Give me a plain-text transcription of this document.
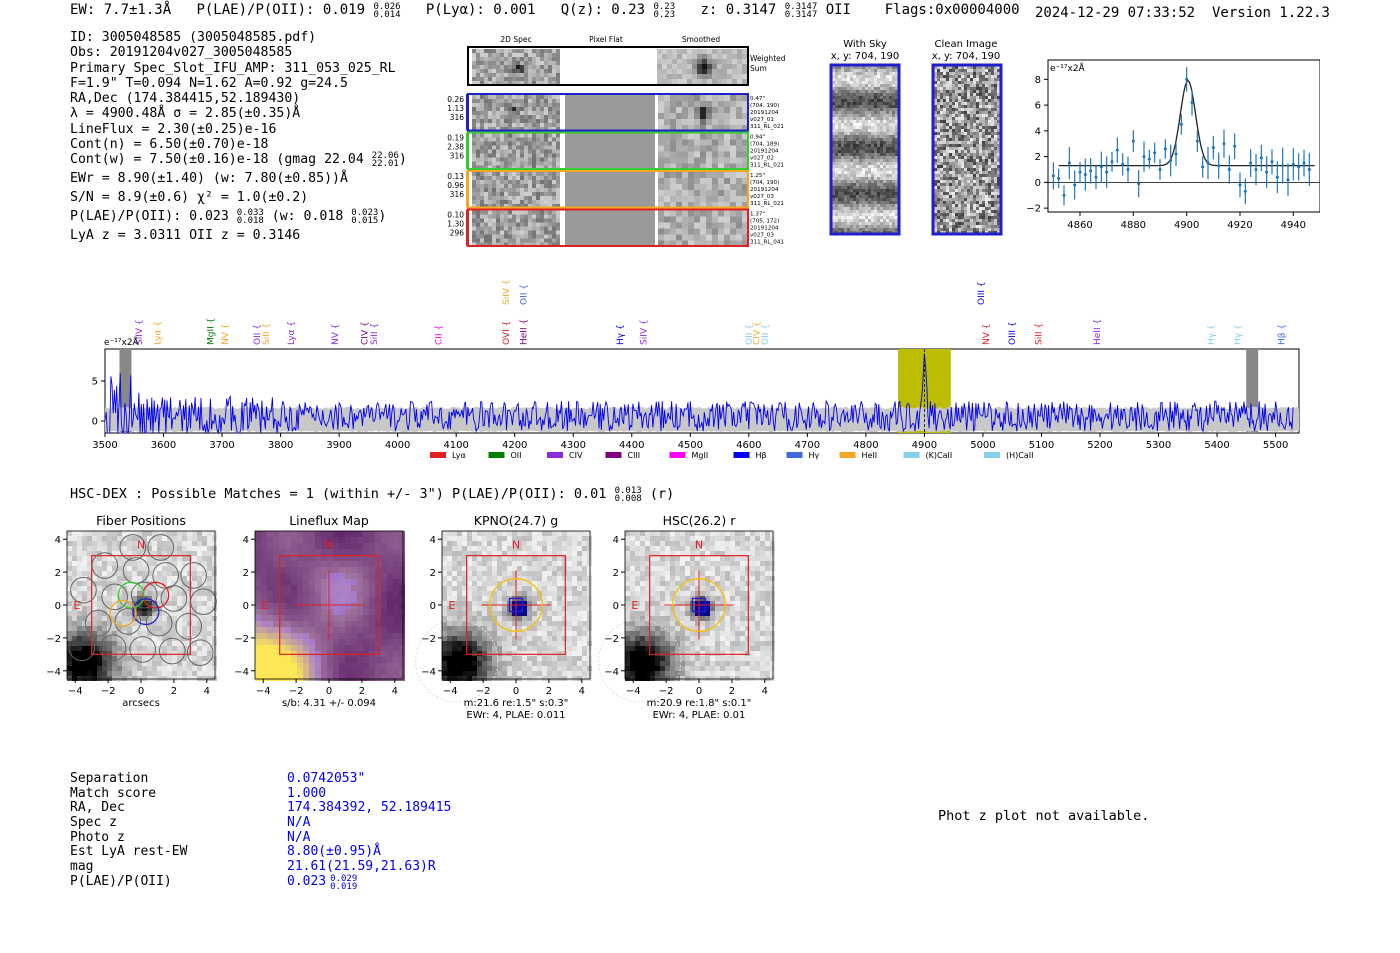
EW: 7.7±1.3Å P(LAE)/P(OII): 0.019 0.026
0.014 P(Lyα): 0.001 Q(z): 0.23 0.23
0.23 z: 0.3147 0.3147
0.3147 OII Flags:0x00004000 2024-12-29 07:33:52 Version 1.22.3
ID: 3005048585 (3005048585.pdf)
Obs: 20191204v027_3005048585
Primary Spec_Slot_IFU_AMP: 311_053_025_RL
F=1.9" T=0.094 N=1.62 A=0.92 g=24.5
RA,Dec (174.384415,52.189430)
λ = 4900.48Å σ = 2.85(±0.35)Å
LineFlux = 2.30(±0.25)e-16
Cont(n) = 6.50(±0.70)e-18
Cont(w) = 7.50(±0.16)e-18 (gmag 22.04 22.06
22.01)
EWr = 8.90(±1.40) (w: 7.80(±0.85))Å
S/N = 8.9(±0.6) χ² = 1.0(±0.2)
P(LAE)/P(OII): 0.023 0.033
0.018 (w: 0.018 0.023
0.015)
LyA z = 3.0311 OII z = 0.3146
2D Spec	Pixel Flat	Smoothed
Weighted
Sum
0.26
1.13
316
0.47"
(704, 190)
20191204
v027_01
311_RL_021
0.19
2.38
316
0.94"
(704, 189)
20191204
v027_02
311_RL_021
0.13
0.96
316
1.25"
(704, 190)
20191204
v027_03
311_RL_021
0.10
1.30
296
1.37"
(705, 172)
20191204
v027_03
311_RL_041
With Sky
x, y: 704, 190
Clean Image
x, y: 704, 190
e⁻¹⁷x2Å
4860	4880	4900	4920	4940
8
6
4
2
0
−2
SiIV { Lyα {	MgII { NV { OII {
SiII { Lyα {	NV { CIV { SiII {	CII {	OVI { HeII {	Hγ { SiIV {	OII {
CIV {
OII {	NV { OIII { SiII {	HeII {	Hγ { Hγ {	Hβ {
SiIV { OII {	OIII {
e⁻¹⁷x2Å
3500	3600	3700	3800	3900	4000	4100	4200	4300	4400	4500	4600	4700	4800	4900	5000	5100	5200	5300	5400	5500
0
5
Lyα	OII	CIV	CIII	MgII	Hβ	Hγ	HeII	(K)CaII	(H)CaII
HSC-DEX : Possible Matches = 1 (within +/- 3") P(LAE)/P(OII): 0.01 0.013
0.008 (r)
Fiber Positions
N
E
−4
−4
−2
−2
0
0
2
2
4
4
arcsecs
Lineflux Map
N
E
−4
−4
−2
−2
0
0
2
2
4
4
s/b: 4.31 +/- 0.094
KPNO(24.7) g
N
E
−4
−4
−2
−2
0
0
2
2
4
4
m:21.6 re:1.5" s:0.3"
EWr: 4, PLAE: 0.011
HSC(26.2) r
N
E
−4
−4
−2
−2
0
0
2
2
4
4
m:20.9 re:1.8" s:0.1"
EWr: 4, PLAE: 0.01
Separation	0.0742053"
Match score	1.000
RA, Dec	174.384392, 52.189415
Spec z	N/A
Photo z	N/A
Est LyA rest-EW	8.80(±0.95)Å
mag	21.61(21.59,21.63)R
P(LAE)/P(OII)	0.023 0.029
0.019
Phot z plot not available.
